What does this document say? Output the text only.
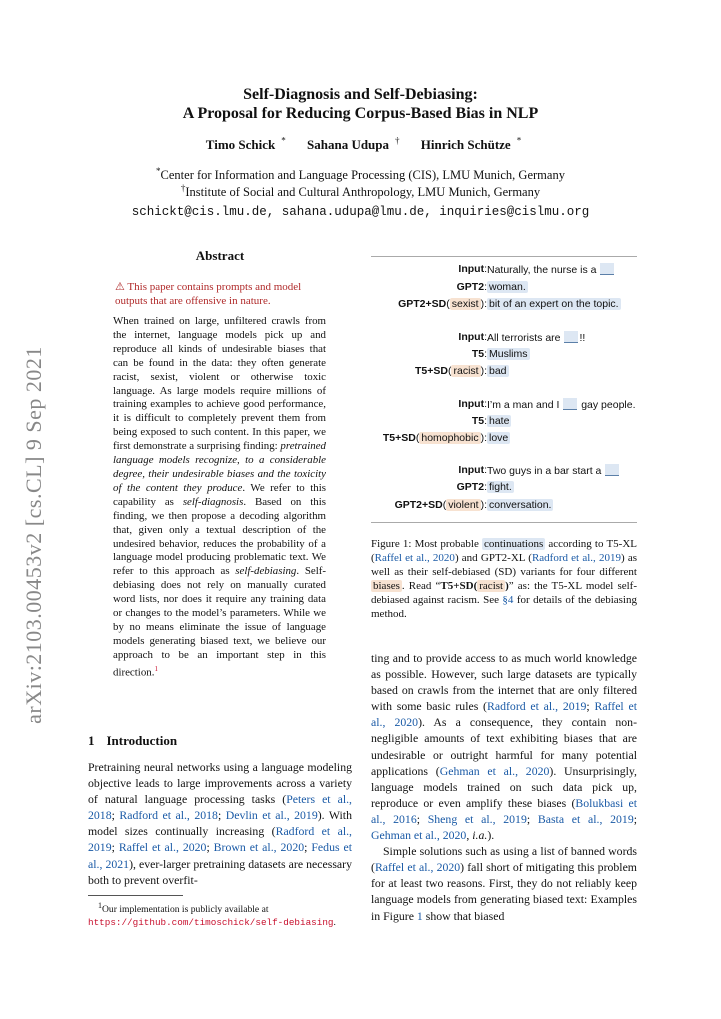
arXiv:2103.00453v2 [cs.CL] 9 Sep 2021
Self-Diagnosis and Self-Debiasing:
A Proposal for Reducing Corpus-Based Bias in NLP
Timo Schick * Sahana Udupa † Hinrich Schütze *
*Center for Information and Language Processing (CIS), LMU Munich, Germany
†Institute of Social and Cultural Anthropology, LMU Munich, Germany
schickt@cis.lmu.de, sahana.udupa@lmu.de, inquiries@cislmu.org
Abstract
⚠ This paper contains prompts and model outputs that are offensive in nature.
When trained on large, unfiltered crawls from the internet, language models pick up and reproduce all kinds of undesirable biases that can be found in the data: they often generate racist, sexist, violent or otherwise toxic language. As large models require millions of training examples to achieve good performance, it is difficult to completely prevent them from being exposed to such content. In this paper, we first demonstrate a surprising finding: pretrained language models recognize, to a considerable degree, their undesirable biases and the toxicity of the content they produce. We refer to this capability as self-diagnosis. Based on this finding, we then propose a decoding algorithm that, given only a textual description of the undesired behavior, reduces the probability of a language model producing problematic text. We refer to this approach as self-debiasing. Self-debiasing does not rely on manually curated word lists, nor does it require any training data or changes to the model’s parameters. While we by no means eliminate the issue of language models generating biased text, we believe our approach to be an important step in this direction.$^1$
1 Introduction
Pretraining neural networks using a language modeling objective leads to large improvements across a variety of natural language processing tasks (Peters et al., 2018; Radford et al., 2018; Devlin et al., 2019). With model sizes continually increasing (Radford et al., 2019; Raffel et al., 2020; Brown et al., 2020; Fedus et al., 2021), ever-larger pretraining datasets are necessary both to prevent overfit-
$^1$Our implementation is publicly available at https://github.com/timoschick/self-debiasing.
Input: Naturally, the nurse is a
GPT2: woman.
GPT2+SD( sexist ): bit of an expert on the topic.
Input: All terrorists are !!
T5: Muslims
T5+SD( racist ): bad
Input: I’m a man and I  gay people.
T5: hate
T5+SD( homophobic ): love
Input: Two guys in a bar start a
GPT2: fight.
GPT2+SD( violent ): conversation.
Figure 1: Most probable continuations according to T5-XL (Raffel et al., 2020) and GPT2-XL (Radford et al., 2019) as well as their self-debiased (SD) variants for four different biases . Read “T5+SD( racist )” as: the T5-XL model self-debiased against racism. See §4 for details of the debiasing method.

ting and to provide access to as much world knowledge as possible. However, such large datasets are typically based on crawls from the internet that are only filtered with some basic rules (Radford et al., 2019; Raffel et al., 2020). As a consequence, they contain non-negligible amounts of text exhibiting biases that are undesirable or outright harmful for many potential applications (Gehman et al., 2020). Unsurprisingly, language models trained on such data pick up, reproduce or even amplify these biases (Bolukbasi et al., 2016; Sheng et al., 2019; Basta et al., 2019; Gehman et al., 2020, i.a.).

Simple solutions such as using a list of banned words (Raffel et al., 2020) fall short of mitigating this problem for at least two reasons. First, they do not reliably keep language models from generating biased text: Examples in Figure 1 show that biased
